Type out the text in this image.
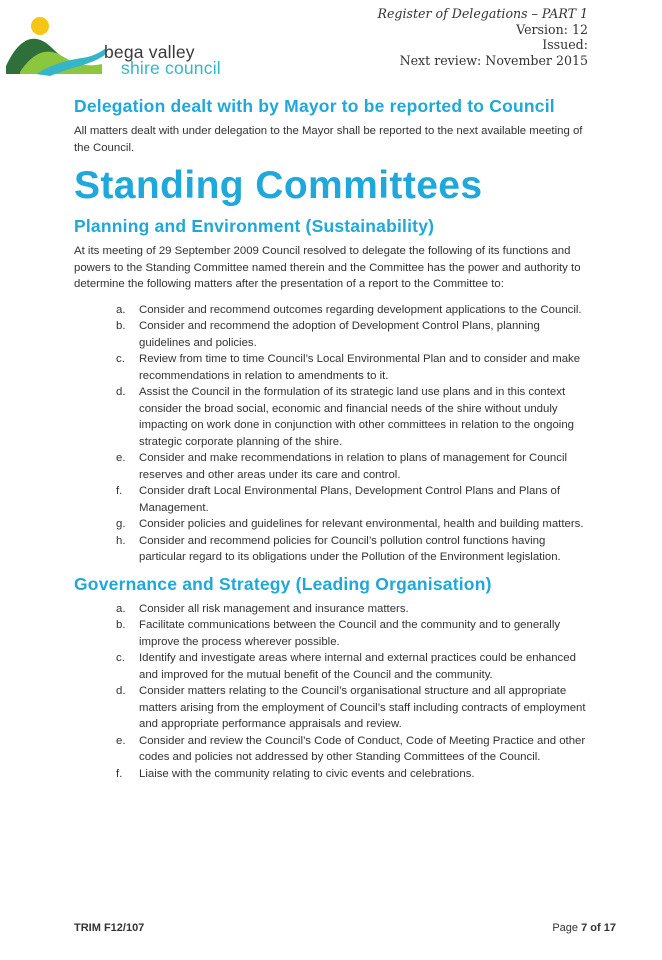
bega valley
shire council
Register of Delegations – PART 1
Version: 12
Issued:
Next review: November 2015
Delegation dealt with by Mayor to be reported to Council

All matters dealt with under delegation to the Mayor shall be reported to the next available meeting of the Council.

Standing Committees
Planning and Environment (Sustainability)

At its meeting of 29 September 2009 Council resolved to delegate the following of its functions and powers to the Standing Committee named therein and the Committee has the power and authority to determine the following matters after the presentation of a report to the Committee to:

a. Consider and recommend outcomes regarding development applications to the Council.
b. Consider and recommend the adoption of Development Control Plans, planning guidelines and policies.
c. Review from time to time Council’s Local Environmental Plan and to consider and make recommendations in relation to amendments to it.
d. Assist the Council in the formulation of its strategic land use plans and in this context consider the broad social, economic and financial needs of the shire without unduly impacting on work done in conjunction with other committees in relation to the ongoing strategic corporate planning of the shire.
e. Consider and make recommendations in relation to plans of management for Council reserves and other areas under its care and control.
f. Consider draft Local Environmental Plans, Development Control Plans and Plans of Management.
g. Consider policies and guidelines for relevant environmental, health and building matters.
h. Consider and recommend policies for Council’s pollution control functions having particular regard to its obligations under the Pollution of the Environment legislation.
Governance and Strategy (Leading Organisation)
a. Consider all risk management and insurance matters.
b. Facilitate communications between the Council and the community and to generally improve the process wherever possible.
c. Identify and investigate areas where internal and external practices could be enhanced and improved for the mutual benefit of the Council and the community.
d. Consider matters relating to the Council’s organisational structure and all appropriate matters arising from the employment of Council’s staff including contracts of employment and appropriate performance appraisals and review.
e. Consider and review the Council’s Code of Conduct, Code of Meeting Practice and other codes and policies not addressed by other Standing Committees of the Council.
f. Liaise with the community relating to civic events and celebrations.
TRIM F12/107	Page 7 of 17
